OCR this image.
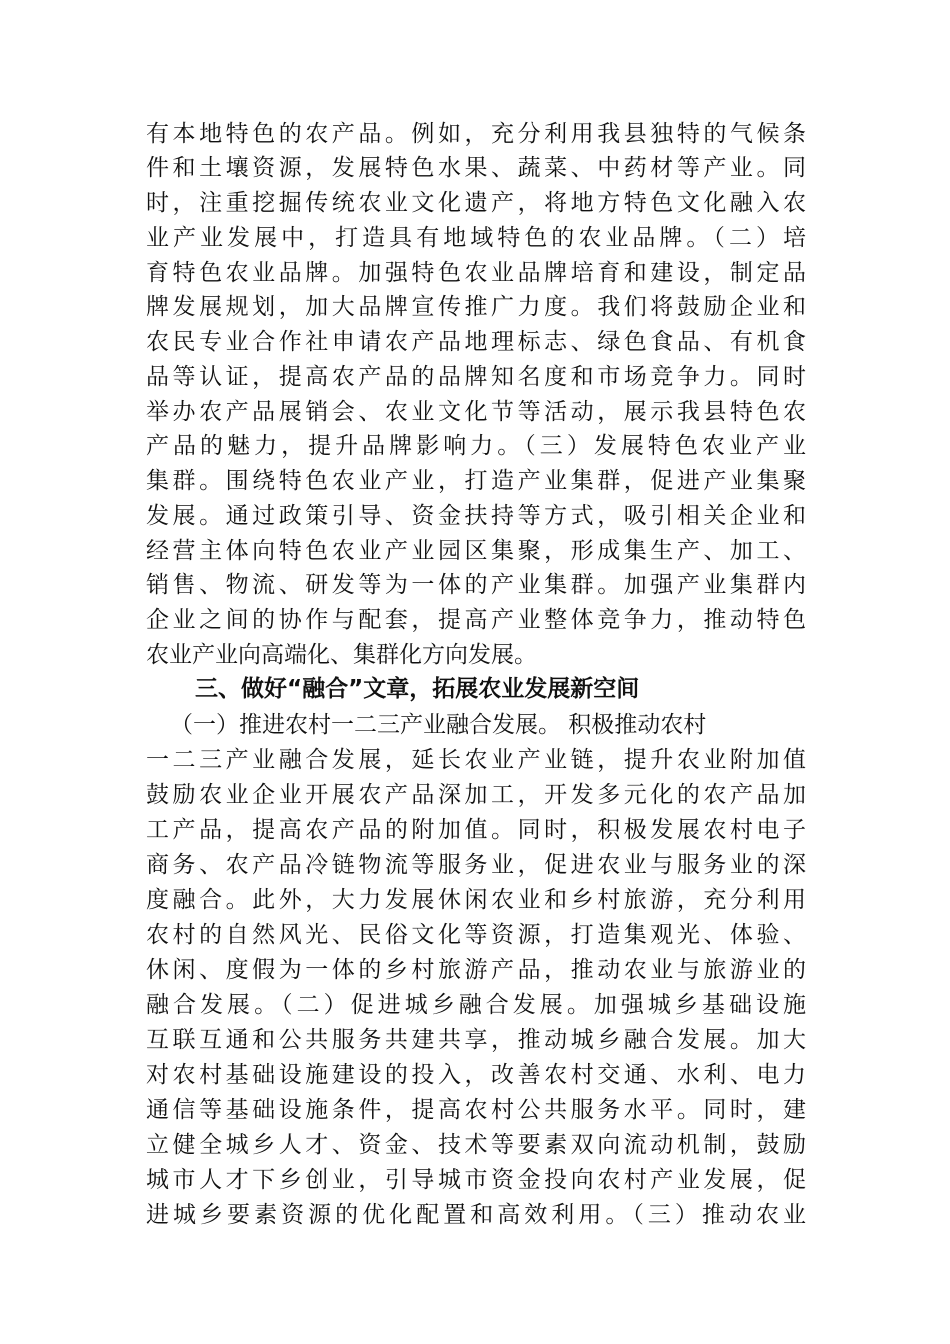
有本地特色的农产品。例如，充分利用我县独特的气候条
件和土壤资源，发展特色水果、蔬菜、中药材等产业。同
时，注重挖掘传统农业文化遗产，将地方特色文化融入农
业产业发展中，打造具有地域特色的农业品牌。（二）培
育特色农业品牌。加强特色农业品牌培育和建设，制定品
牌发展规划，加大品牌宣传推广力度。我们将鼓励企业和
农民专业合作社申请农产品地理标志、绿色食品、有机食
品等认证，提高农产品的品牌知名度和市场竞争力。同时
举办农产品展销会、农业文化节等活动，展示我县特色农
产品的魅力，提升品牌影响力。（三）发展特色农业产业
集群。围绕特色农业产业，打造产业集群，促进产业集聚
发展。通过政策引导、资金扶持等方式，吸引相关企业和
经营主体向特色农业产业园区集聚，形成集生产、加工、
销售、物流、研发等为一体的产业集群。加强产业集群内
企业之间的协作与配套，提高产业整体竞争力，推动特色
农业产业向高端化、集群化方向发展。
三、做好“融合”文章，拓展农业发展新空间
（一）推进农村一二三产业融合发展。 积极推动农村
一二三产业融合发展，延长农业产业链，提升农业附加值
鼓励农业企业开展农产品深加工，开发多元化的农产品加
工产品，提高农产品的附加值。同时，积极发展农村电子
商务、农产品冷链物流等服务业，促进农业与服务业的深
度融合。此外，大力发展休闲农业和乡村旅游，充分利用
农村的自然风光、民俗文化等资源，打造集观光、体验、
休闲、度假为一体的乡村旅游产品，推动农业与旅游业的
融合发展。（二）促进城乡融合发展。加强城乡基础设施
互联互通和公共服务共建共享，推动城乡融合发展。加大
对农村基础设施建设的投入，改善农村交通、水利、电力
通信等基础设施条件，提高农村公共服务水平。同时，建
立健全城乡人才、资金、技术等要素双向流动机制，鼓励
城市人才下乡创业，引导城市资金投向农村产业发展，促
进城乡要素资源的优化配置和高效利用。（三）推动农业
